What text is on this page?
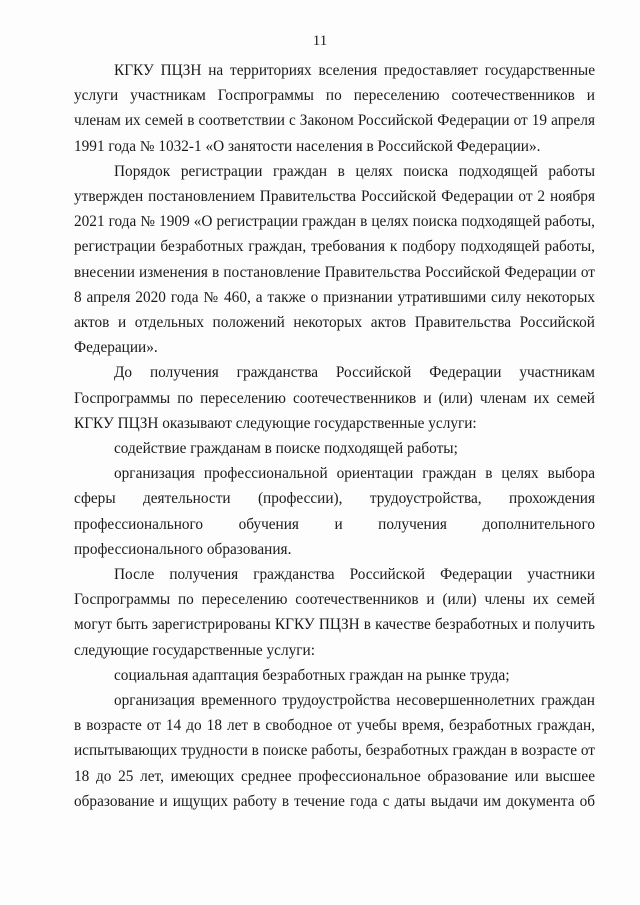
11

КГКУ ПЦЗН на территориях вселения предоставляет государственные услуги участникам Госпрограммы по переселению соотечественников и членам их семей в соответствии с Законом Российской Федерации от 19 апреля 1991 года № 1032-1 «О занятости населения в Российской Федерации».

Порядок регистрации граждан в целях поиска подходящей работы утвержден постановлением Правительства Российской Федерации от 2 ноября 2021 года № 1909 «О регистрации граждан в целях поиска подходящей работы, регистрации безработных граждан, требования к подбору подходящей работы, внесении изменения в постановление Правительства Российской Федерации от 8 апреля 2020 года № 460, а также о признании утратившими силу некоторых актов и отдельных положений некоторых актов Правительства Российской Федерации».

До получения гражданства Российской Федерации участникам Госпрограммы по переселению соотечественников и (или) членам их семей КГКУ ПЦЗН оказывают следующие государственные услуги:

содействие гражданам в поиске подходящей работы;

организация профессиональной ориентации граждан в целях выбора сферы деятельности (профессии), трудоустройства, прохождения профессионального обучения и получения дополнительного профессионального образования.

После получения гражданства Российской Федерации участники Госпрограммы по переселению соотечественников и (или) члены их семей могут быть зарегистрированы КГКУ ПЦЗН в качестве безработных и получить следующие государственные услуги:

социальная адаптация безработных граждан на рынке труда;

организация временного трудоустройства несовершеннолетних граждан в возрасте от 14 до 18 лет в свободное от учебы время, безработных граждан, испытывающих трудности в поиске работы, безработных граждан в возрасте от 18 до 25 лет, имеющих среднее профессиональное образование или высшее образование и ищущих работу в течение года с даты выдачи им документа об
